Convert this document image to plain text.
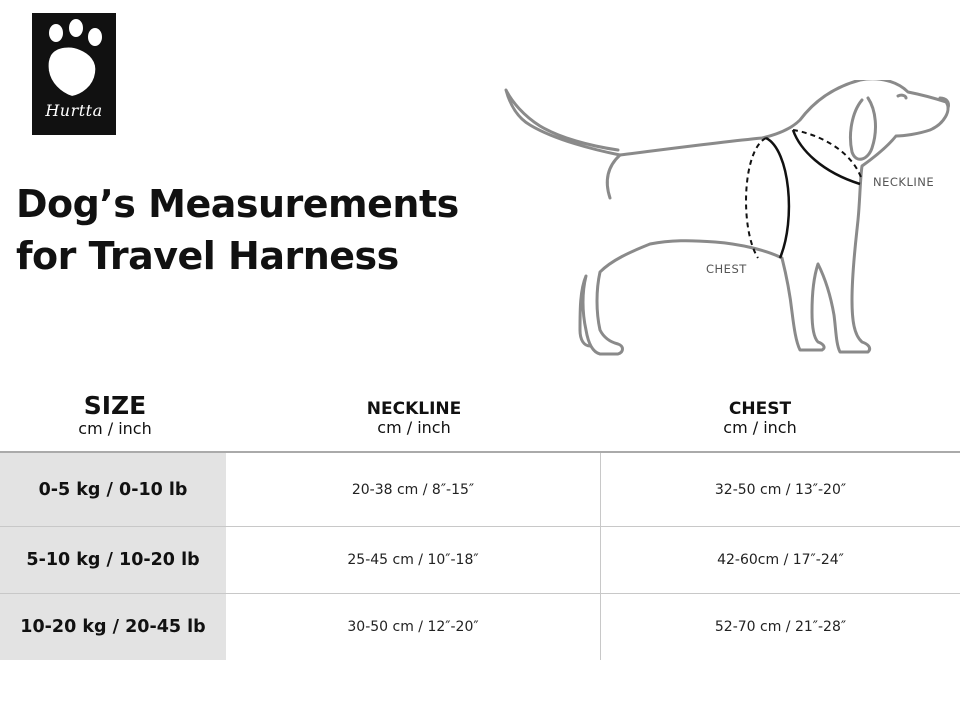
Hurtta
Dog’s Measurements
for Travel Harness
NECKLINE
CHEST
SIZE
cm / inch
NECKLINE
cm / inch
CHEST
cm / inch
0-5 kg / 0-10 lb	20-38 cm / 8″-15″	32-50 cm / 13″-20″
5-10 kg / 10-20 lb	25-45 cm / 10″-18″	42-60cm / 17″-24″
10-20 kg / 20-45 lb	30-50 cm / 12″-20″	52-70 cm / 21″-28″
